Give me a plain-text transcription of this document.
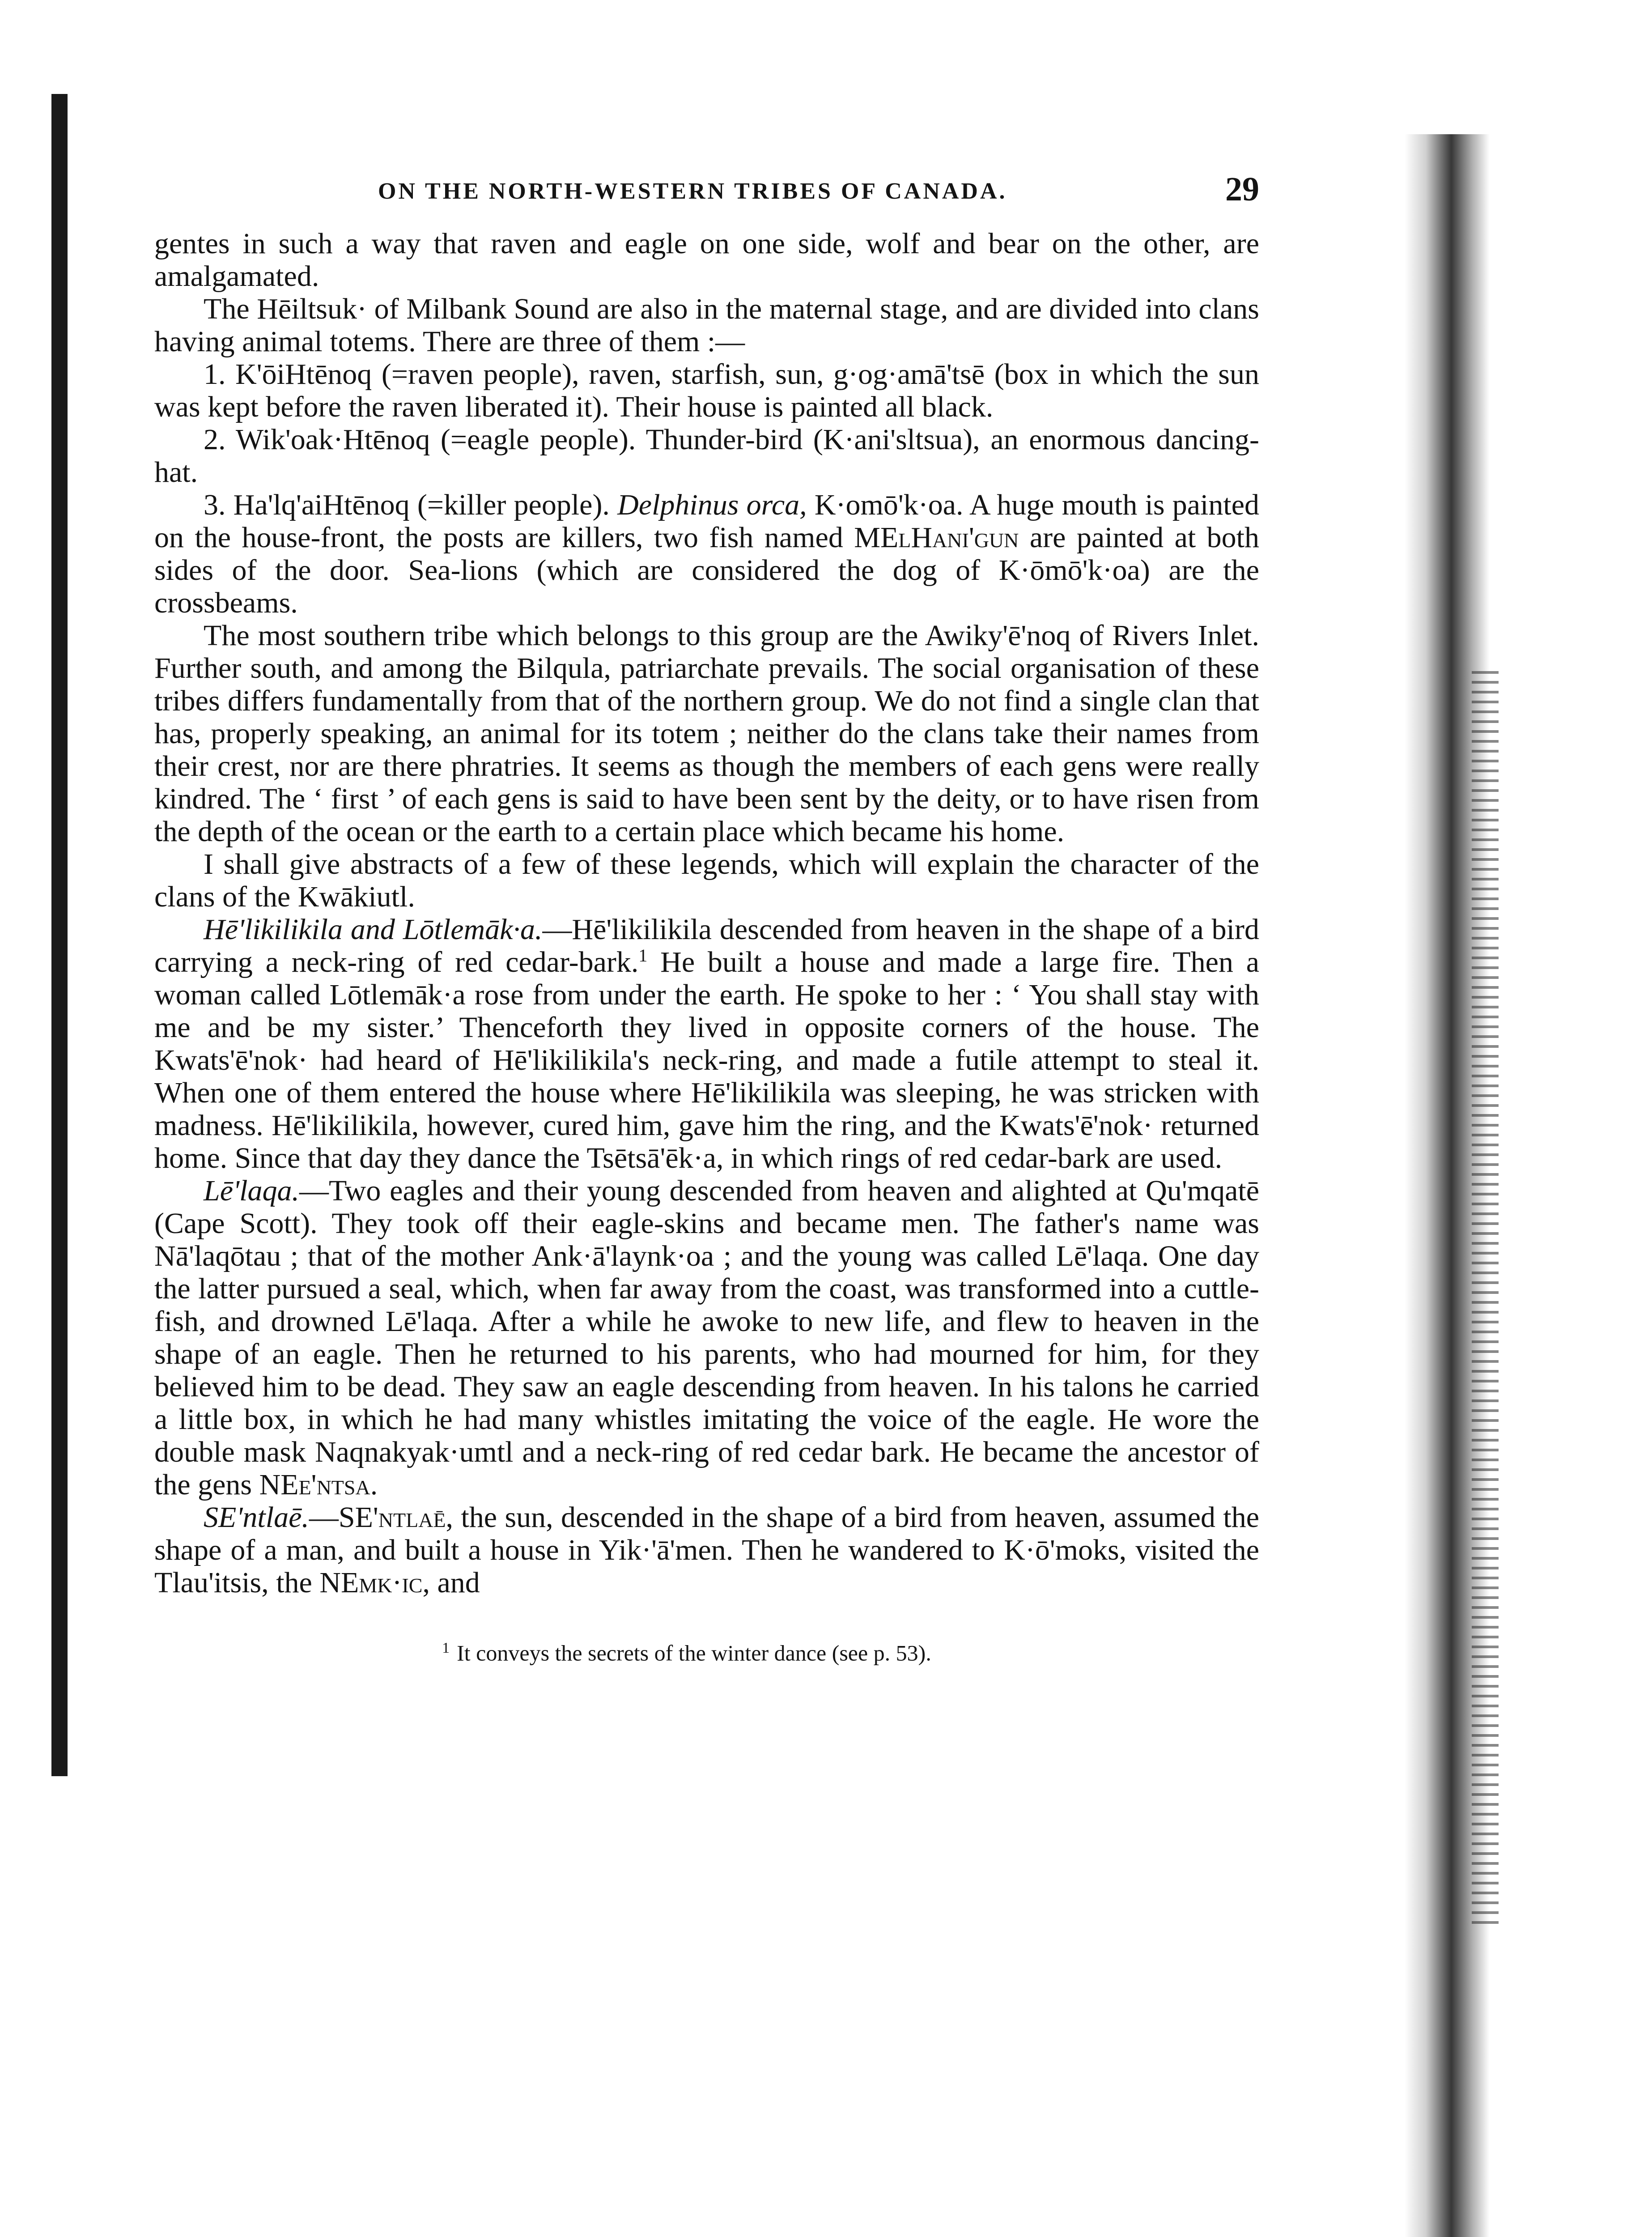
ON THE NORTH-WESTERN TRIBES OF CANADA.	29

gentes in such a way that raven and eagle on one side, wolf and bear on the other, are amalgamated.

The Hēiltsuk· of Milbank Sound are also in the maternal stage, and are divided into clans having animal totems. There are three of them :—

1. K'ōiHtēnoq (=raven people), raven, starfish, sun, g·og·amā'tsē (box in which the sun was kept before the raven liberated it). Their house is painted all black.

2. Wik'oak·Htēnoq (=eagle people). Thunder-bird (K·ani'sltsua), an enormous dancing-hat.

3. Ha'lq'aiHtēnoq (=killer people). Delphinus orca, K·omō'k·oa. A huge mouth is painted on the house-front, the posts are killers, two fish named MElHani'gun are painted at both sides of the door. Sea-lions (which are considered the dog of K·ōmō'k·oa) are the crossbeams.

The most southern tribe which belongs to this group are the Awiky'ē'noq of Rivers Inlet. Further south, and among the Bilqula, patriarchate prevails. The social organisation of these tribes differs fundamentally from that of the northern group. We do not find a single clan that has, properly speaking, an animal for its totem ; neither do the clans take their names from their crest, nor are there phratries. It seems as though the members of each gens were really kindred. The ‘ first ’ of each gens is said to have been sent by the deity, or to have risen from the depth of the ocean or the earth to a certain place which became his home.

I shall give abstracts of a few of these legends, which will explain the character of the clans of the Kwākiutl.

Hē'likilikila and Lōtlemāk·a.—Hē'likilikila descended from heaven in the shape of a bird carrying a neck-ring of red cedar-bark.$^1$ He built a house and made a large fire. Then a woman called Lōtlemāk·a rose from under the earth. He spoke to her : ‘ You shall stay with me and be my sister.’ Thenceforth they lived in opposite corners of the house. The Kwats'ē'nok· had heard of Hē'likilikila's neck-ring, and made a futile attempt to steal it. When one of them entered the house where Hē'likilikila was sleeping, he was stricken with madness. Hē'likilikila, however, cured him, gave him the ring, and the Kwats'ē'nok· returned home. Since that day they dance the Tsētsā'ēk·a, in which rings of red cedar-bark are used.

Lē'laqa.—Two eagles and their young descended from heaven and alighted at Qu'mqatē (Cape Scott). They took off their eagle-skins and became men. The father's name was Nā'laqōtau ; that of the mother Ank·ā'laynk·oa ; and the young was called Lē'laqa. One day the latter pursued a seal, which, when far away from the coast, was transformed into a cuttle-fish, and drowned Lē'laqa. After a while he awoke to new life, and flew to heaven in the shape of an eagle. Then he returned to his parents, who had mourned for him, for they believed him to be dead. They saw an eagle descending from heaven. In his talons he carried a little box, in which he had many whistles imitating the voice of the eagle. He wore the double mask Naqnakyak·umtl and a neck-ring of red cedar bark. He became the ancestor of the gens NEe'ntsa.

SE'ntlaē.—SE'ntlaē, the sun, descended in the shape of a bird from heaven, assumed the shape of a man, and built a house in Yik·'ā'men. Then he wandered to K·ō'moks, visited the Tlau'itsis, the NEmk·ic, and

$^1$ It conveys the secrets of the winter dance (see p. 53).
